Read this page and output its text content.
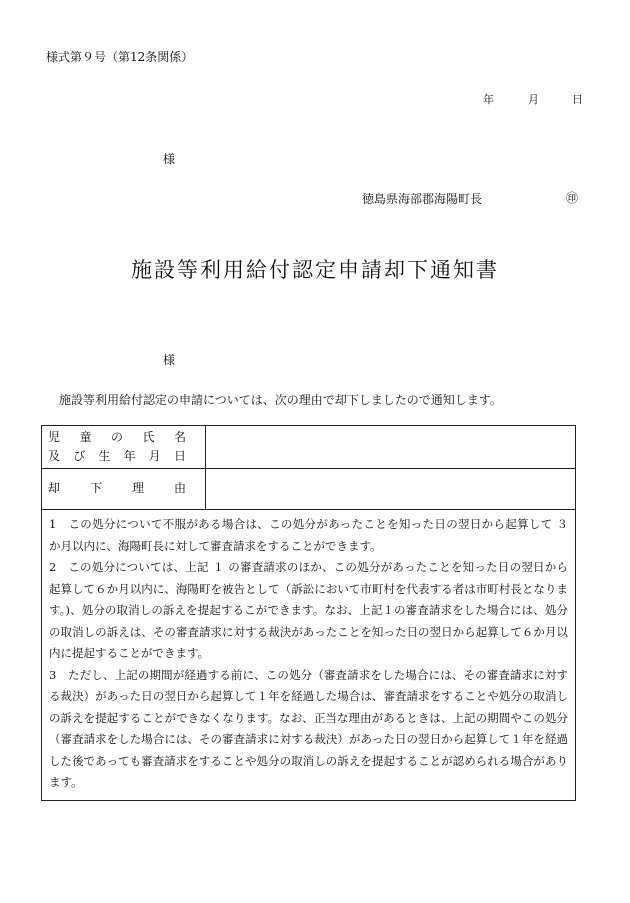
様式第９号（第12条関係）
年	月	日
様
徳島県海部郡海陽町長	㊞
施設等利用給付認定申請却下通知書
様
施設等利用給付認定の申請については、次の理由で却下しましたので通知します。
児 童 の 氏 名
及 び 生 年 月 日
却 下 理 由

1　この処分について不服がある場合は、この処分があったことを知った日の翌日から起算して ３ か月以内に、海陽町長に対して審査請求をすることができます。

2　この処分については、上記 １ の審査請求のほか、この処分があったことを知った日の翌日から起算して６か月以内に、海陽町を被告として（訴訟において市町村を代表する者は市町村長となります。)、処分の取消しの訴えを提起するこができます。なお、上記１の審査請求をした場合には、処分の取消しの訴えは、その審査請求に対する裁決があったことを知った日の翌日から起算して６か月以内に提起することができます。

3　ただし、上記の期間が経過する前に、この処分（審査請求をした場合には、その審査請求に対する裁決）があった日の翌日から起算して１年を経過した場合は、審査請求をすることや処分の取消しの訴えを提起することができなくなります。なお、正当な理由があるときは、上記の期間やこの処分（審査請求をした場合には、その審査請求に対する裁決）があった日の翌日から起算して１年を経過した後であっても審査請求をすることや処分の取消しの訴えを提起することが認められる場合があります。
